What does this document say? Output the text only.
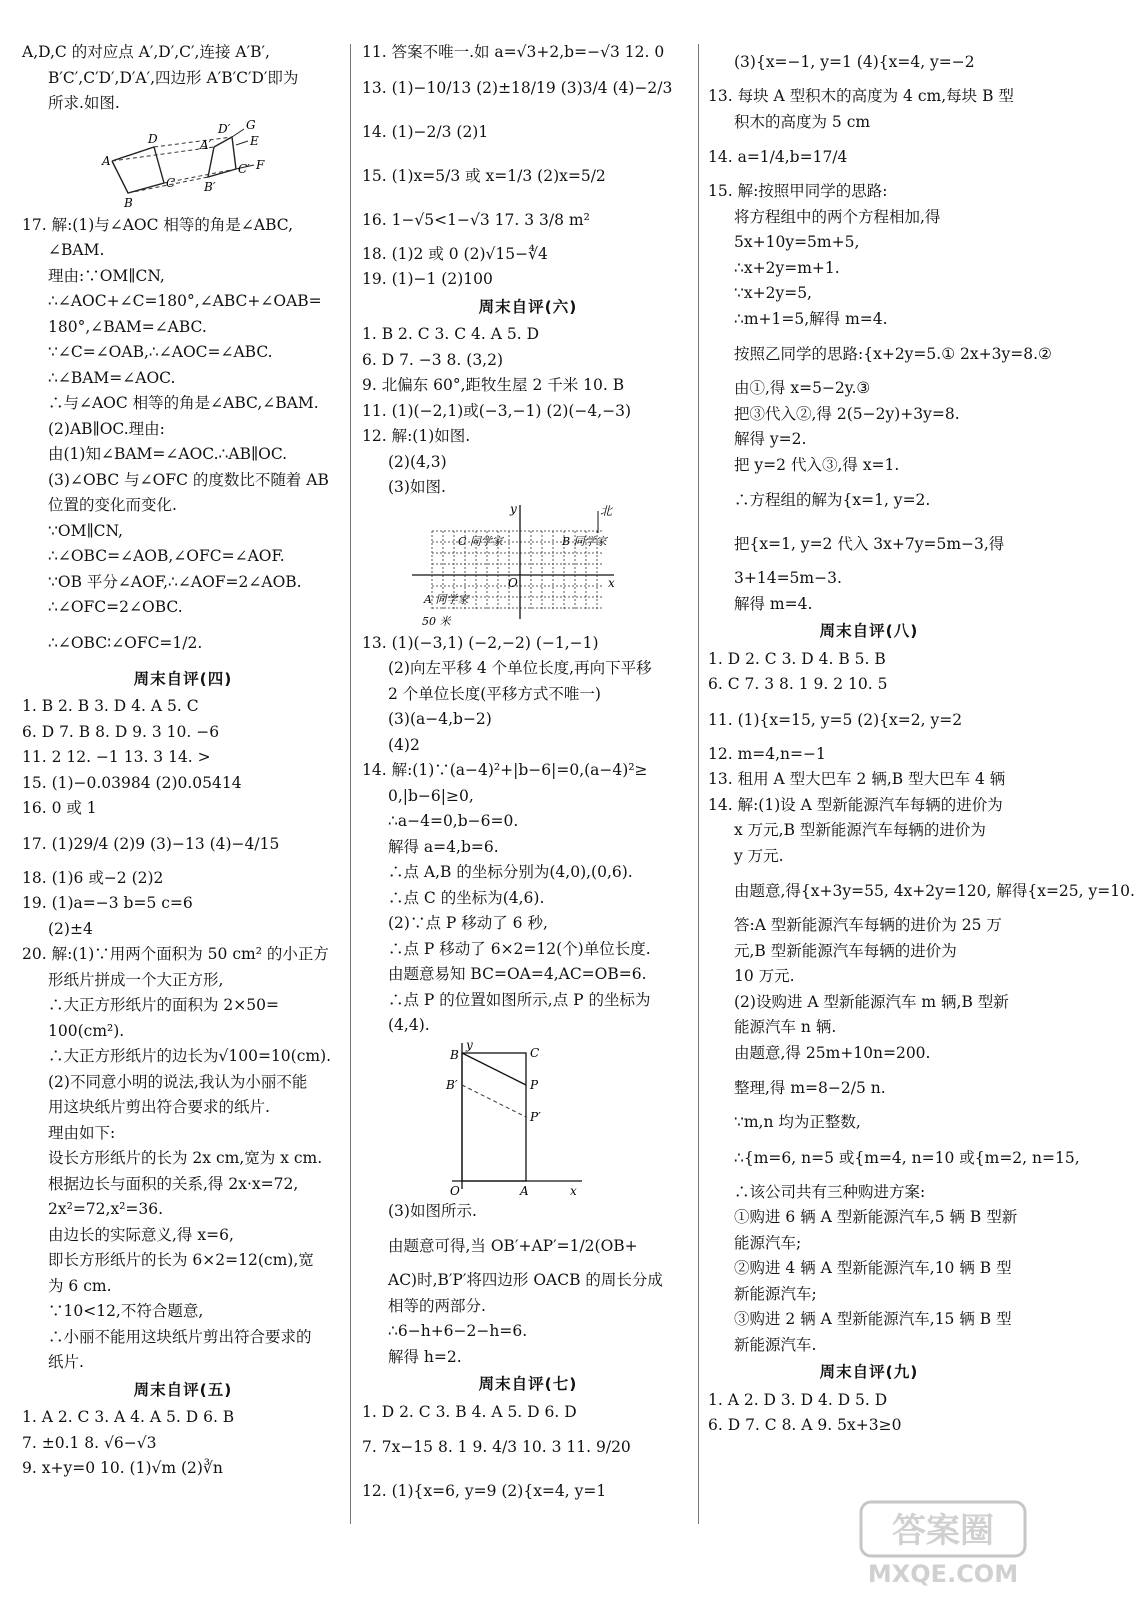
A,D,C 的对应点 A′,D′,C′,连接 A′B′,
B′C′,C′D′,D′A′,四边形 A′B′C′D′即为
所求.如图.
A
B
C
D
D′
A′
B′
C′
G
E
F
17. 解:(1)与∠AOC 相等的角是∠ABC,
∠BAM.
理由:∵OM∥CN,
∴∠AOC+∠C=180°,∠ABC+∠OAB=
180°,∠BAM=∠ABC.
∵∠C=∠OAB,∴∠AOC=∠ABC.
∴∠BAM=∠AOC.
∴与∠AOC 相等的角是∠ABC,∠BAM.
(2)AB∥OC.理由:
由(1)知∠BAM=∠AOC.∴AB∥OC.
(3)∠OBC 与∠OFC 的度数比不随着 AB
位置的变化而变化.
∵OM∥CN,
∴∠OBC=∠AOB,∠OFC=∠AOF.
∵OB 平分∠AOF,∴∠AOF=2∠AOB.
∴∠OFC=2∠OBC.
∴∠OBC∶∠OFC=1/2.
周末自评(四)
1. B 2. B 3. D 4. A 5. C
6. D 7. B 8. D 9. 3 10. −6
11. 2 12. −1 13. 3 14. >
15. (1)−0.03984 (2)0.05414
16. 0 或 1
17. (1)29/4 (2)9 (3)−13 (4)−4/15
18. (1)6 或−2 (2)2
19. (1)a=−3 b=5 c=6
(2)±4
20. 解:(1)∵用两个面积为 50 cm² 的小正方
形纸片拼成一个大正方形,
∴大正方形纸片的面积为 2×50=
100(cm²).
∴大正方形纸片的边长为√100=10(cm).
(2)不同意小明的说法,我认为小丽不能
用这块纸片剪出符合要求的纸片.
理由如下:
设长方形纸片的长为 2x cm,宽为 x cm.
根据边长与面积的关系,得 2x·x=72,
2x²=72,x²=36.
由边长的实际意义,得 x=6,
即长方形纸片的长为 6×2=12(cm),宽
为 6 cm.
∵10<12,不符合题意,
∴小丽不能用这块纸片剪出符合要求的
纸片.
周末自评(五)
1. A 2. C 3. A 4. A 5. D 6. B
7. ±0.1 8. √6−√3
9. x+y=0 10. (1)√m (2)∛n
11. 答案不唯一.如 a=√3+2,b=−√3 12. 0
13. (1)−10/13 (2)±18/19 (3)3/4 (4)−2/3
14. (1)−2/3 (2)1
15. (1)x=5/3 或 x=1/3 (2)x=5/2
16. 1−√5<1−√3 17. 3 3/8 m²
18. (1)2 或 0 (2)√15−∜4
19. (1)−1 (2)100
周末自评(六)
1. B 2. C 3. C 4. A 5. D
6. D 7. −3 8. (3,2)
9. 北偏东 60°,距牧生屋 2 千米 10. B
11. (1)(−2,1)或(−3,−1) (2)(−4,−3)
12. 解:(1)如图.
(2)(4,3)
(3)如图.
y	北
C 同学家	B 同学家
O	x
A 同学家
50 米
13. (1)(−3,1) (−2,−2) (−1,−1)
(2)向左平移 4 个单位长度,再向下平移
2 个单位长度(平移方式不唯一)
(3)(a−4,b−2)
(4)2
14. 解:(1)∵(a−4)²+|b−6|=0,(a−4)²≥
0,|b−6|≥0,
∴a−4=0,b−6=0.
解得 a=4,b=6.
∴点 A,B 的坐标分别为(4,0),(0,6).
∴点 C 的坐标为(4,6).
(2)∵点 P 移动了 6 秒,
∴点 P 移动了 6×2=12(个)单位长度.
由题意易知 BC=OA=4,AC=OB=6.
∴点 P 的位置如图所示,点 P 的坐标为
(4,4).
y
B	C
B′	P
P′
O	A	x
(3)如图所示.
由题意可得,当 OB′+AP′=1/2(OB+
AC)时,B′P′将四边形 OACB 的周长分成
相等的两部分.
∴6−h+6−2−h=6.
解得 h=2.
周末自评(七)
1. D 2. C 3. B 4. A 5. D 6. D
7. 7x−15 8. 1 9. 4/3 10. 3 11. 9/20
12. (1){x=6, y=9 (2){x=4, y=1
(3){x=−1, y=1 (4){x=4, y=−2
13. 每块 A 型积木的高度为 4 cm,每块 B 型
积木的高度为 5 cm
14. a=1/4,b=17/4
15. 解:按照甲同学的思路:
将方程组中的两个方程相加,得
5x+10y=5m+5,
∴x+2y=m+1.
∵x+2y=5,
∴m+1=5,解得 m=4.
按照乙同学的思路:{x+2y=5.① 2x+3y=8.②
由①,得 x=5−2y.③
把③代入②,得 2(5−2y)+3y=8.
解得 y=2.
把 y=2 代入③,得 x=1.
∴方程组的解为{x=1, y=2.
把{x=1, y=2 代入 3x+7y=5m−3,得
3+14=5m−3.
解得 m=4.
周末自评(八)
1. D 2. C 3. D 4. B 5. B
6. C 7. 3 8. 1 9. 2 10. 5
11. (1){x=15, y=5 (2){x=2, y=2
12. m=4,n=−1
13. 租用 A 型大巴车 2 辆,B 型大巴车 4 辆
14. 解:(1)设 A 型新能源汽车每辆的进价为
x 万元,B 型新能源汽车每辆的进价为
y 万元.
由题意,得{x+3y=55, 4x+2y=120, 解得{x=25, y=10.
答:A 型新能源汽车每辆的进价为 25 万
元,B 型新能源汽车每辆的进价为
10 万元.
(2)设购进 A 型新能源汽车 m 辆,B 型新
能源汽车 n 辆.
由题意,得 25m+10n=200.
整理,得 m=8−2/5 n.
∵m,n 均为正整数,
∴{m=6, n=5 或{m=4, n=10 或{m=2, n=15,
∴该公司共有三种购进方案:
①购进 6 辆 A 型新能源汽车,5 辆 B 型新
能源汽车;
②购进 4 辆 A 型新能源汽车,10 辆 B 型
新能源汽车;
③购进 2 辆 A 型新能源汽车,15 辆 B 型
新能源汽车.
周末自评(九)
1. A 2. D 3. D 4. D 5. D
6. D 7. C 8. A 9. 5x+3≥0
答案圈
MXQE.COM
